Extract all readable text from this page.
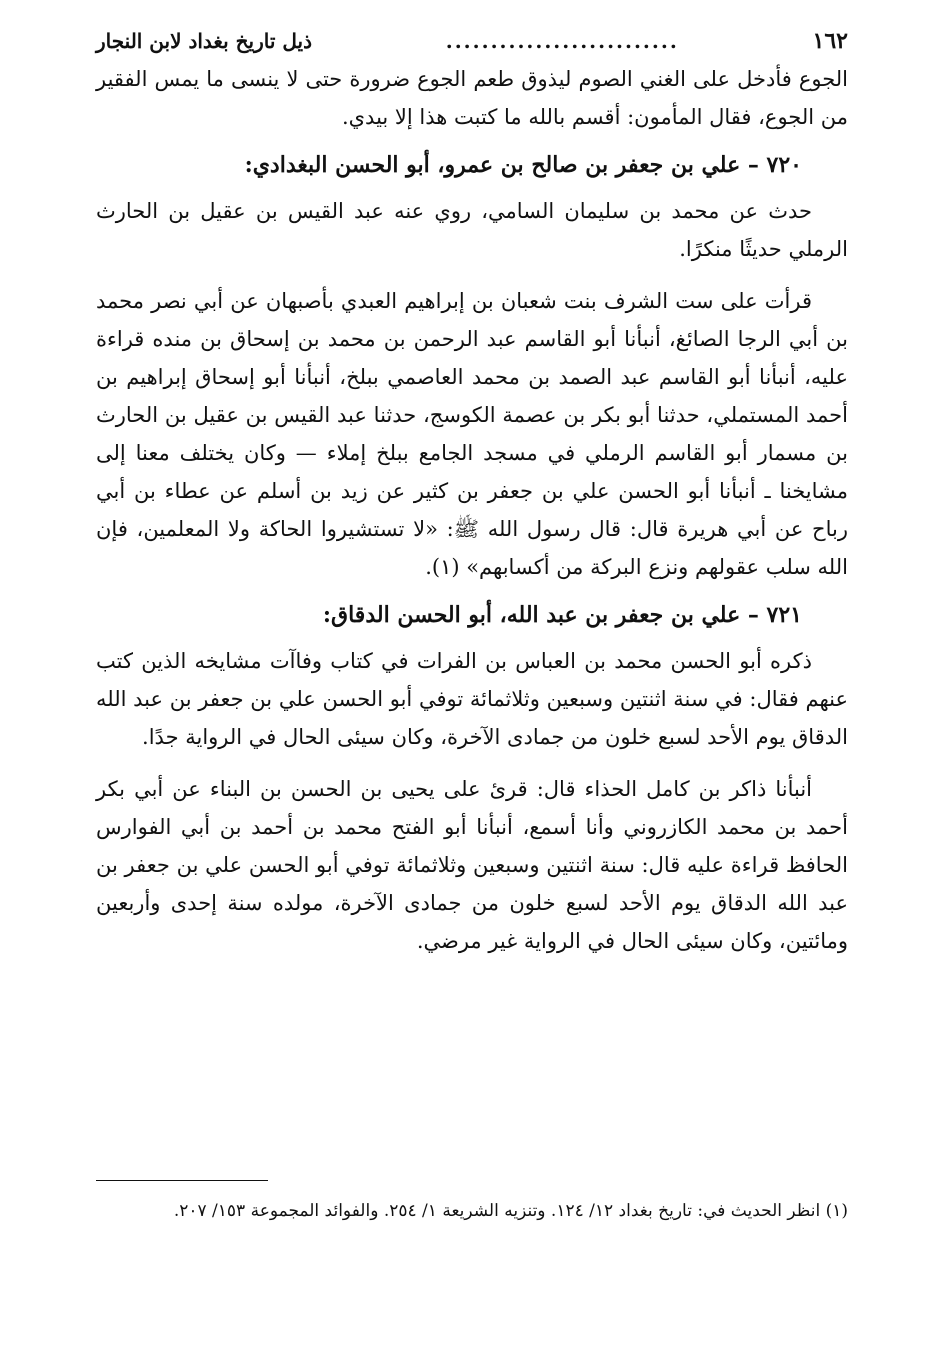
١٦٢
..........................
ذيل تاريخ بغداد لابن النجار

الجوع فأدخل على الغني الصوم ليذوق طعم الجوع ضرورة حتى لا ينسى ما يمس الفقير من الجوع، فقال المأمون: أقسم بالله ما كتبت هذا إلا بيدي.

٧٢٠ – علي بن جعفر بن صالح بن عمرو، أبو الحسن البغدادي:

حدث عن محمد بن سليمان السامي، روي عنه عبد القيس بن عقيل بن الحارث الرملي حديثًا منكرًا.

قرأت على ست الشرف بنت شعبان بن إبراهيم العبدي بأصبهان عن أبي نصر محمد بن أبي الرجا الصائغ، أنبأنا أبو القاسم عبد الرحمن بن محمد بن إسحاق بن منده قراءة عليه، أنبأنا أبو القاسم عبد الصمد بن محمد العاصمي ببلخ، أنبأنا أبو إسحاق إبراهيم بن أحمد المستملي، حدثنا أبو بكر بن عصمة الكوسج، حدثنا عبد القيس بن عقيل بن الحارث بن مسمار أبو القاسم الرملي في مسجد الجامع ببلخ إملاء — وكان يختلف معنا إلى مشايخنا ـ أنبأنا أبو الحسن علي بن جعفر بن كثير عن زيد بن أسلم عن عطاء بن أبي رباح عن أبي هريرة قال: قال رسول الله ﷺ: «لا تستشيروا الحاكة ولا المعلمين، فإن الله سلب عقولهم ونزع البركة من أكسابهم» (١).

٧٢١ – علي بن جعفر بن عبد الله، أبو الحسن الدقاق:

ذكره أبو الحسن محمد بن العباس بن الفرات في كتاب وفاآت مشايخه الذين كتب عنهم فقال: في سنة اثنتين وسبعين وثلاثمائة توفي أبو الحسن علي بن جعفر بن عبد الله الدقاق يوم الأحد لسبع خلون من جمادى الآخرة، وكان سيئى الحال في الرواية جدًا.

أنبأنا ذاكر بن كامل الحذاء قال: قرئ على يحيى بن الحسن بن البناء عن أبي بكر أحمد بن محمد الكازروني وأنا أسمع، أنبأنا أبو الفتح محمد بن أحمد بن أبي الفوارس الحافظ قراءة عليه قال: سنة اثنتين وسبعين وثلاثمائة توفي أبو الحسن علي بن جعفر بن عبد الله الدقاق يوم الأحد لسبع خلون من جمادى الآخرة، مولده سنة إحدى وأربعين ومائتين، وكان سيئى الحال في الرواية غير مرضي.

(١) انظر الحديث في: تاريخ بغداد ١٢/ ١٢٤. وتنزيه الشريعة ١/ ٢٥٤. والفوائد المجموعة ١٥٣/ ٢٠٧.
